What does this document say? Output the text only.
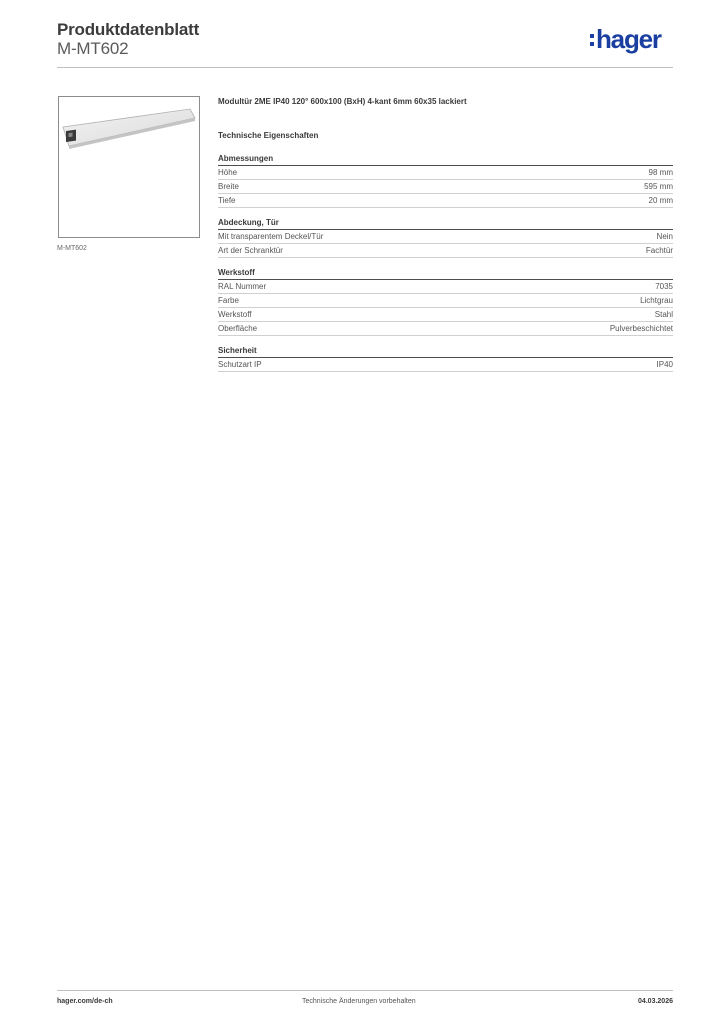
Produktdatenblatt
M-MT602	hager
M-MT602
Modultür 2ME IP40 120° 600x100 (BxH) 4-kant 6mm 60x35 lackiert
Technische Eigenschaften
Abmessungen
Höhe	98 mm
Breite	595 mm
Tiefe	20 mm
Abdeckung, Tür
Mit transparentem Deckel/Tür	Nein
Art der Schranktür	Fachtür
Werkstoff
RAL Nummer	7035
Farbe	Lichtgrau
Werkstoff	Stahl
Oberfläche	Pulverbeschichtet
Sicherheit
Schutzart IP	IP40
hager.com/de-ch	Technische Änderungen vorbehalten	04.03.2026
